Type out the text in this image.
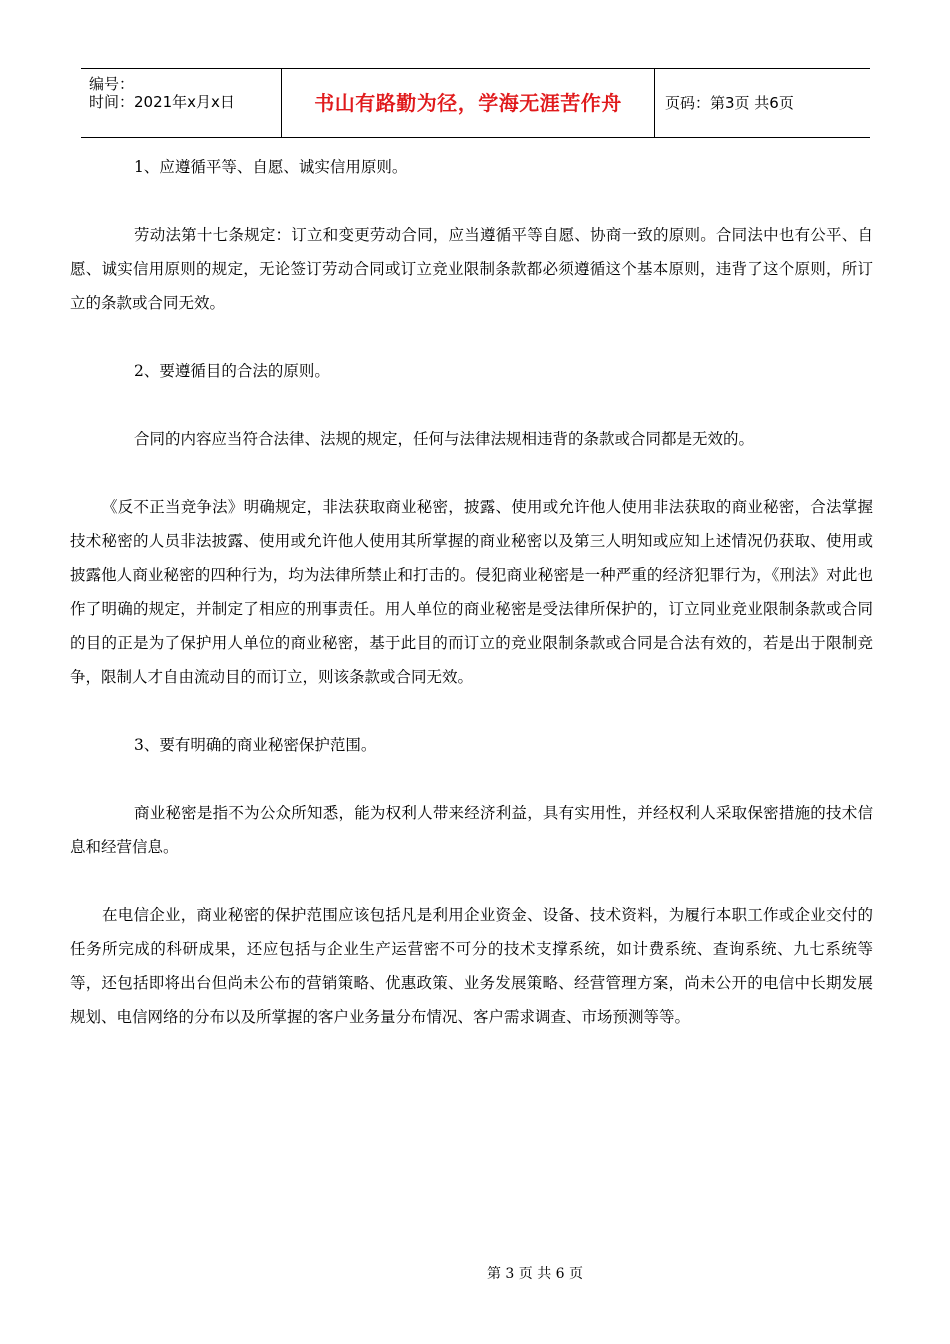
编号：
时间：2021年x月x日	书山有路勤为径，学海无涯苦作舟	页码：第3页 共6页

1、应遵循平等、自愿、诚实信用原则。

劳动法第十七条规定：订立和变更劳动合同，应当遵循平等自愿、协商一致的原则。合同法中也有公平、自愿、诚实信用原则的规定，无论签订劳动合同或订立竞业限制条款都必须遵循这个基本原则，违背了这个原则，所订立的条款或合同无效。

2、要遵循目的合法的原则。

合同的内容应当符合法律、法规的规定，任何与法律法规相违背的条款或合同都是无效的。

《反不正当竞争法》明确规定，非法获取商业秘密，披露、使用或允许他人使用非法获取的商业秘密，合法掌握技术秘密的人员非法披露、使用或允许他人使用其所掌握的商业秘密以及第三人明知或应知上述情况仍获取、使用或披露他人商业秘密的四种行为，均为法律所禁止和打击的。侵犯商业秘密是一种严重的经济犯罪行为，《刑法》对此也作了明确的规定，并制定了相应的刑事责任。用人单位的商业秘密是受法律所保护的，订立同业竞业限制条款或合同的目的正是为了保护用人单位的商业秘密，基于此目的而订立的竞业限制条款或合同是合法有效的，若是出于限制竞争，限制人才自由流动目的而订立，则该条款或合同无效。

3、要有明确的商业秘密保护范围。

商业秘密是指不为公众所知悉，能为权利人带来经济利益，具有实用性，并经权利人采取保密措施的技术信息和经营信息。

在电信企业，商业秘密的保护范围应该包括凡是利用企业资金、设备、技术资料，为履行本职工作或企业交付的任务所完成的科研成果，还应包括与企业生产运营密不可分的技术支撑系统，如计费系统、查询系统、九七系统等等，还包括即将出台但尚未公布的营销策略、优惠政策、业务发展策略、经营管理方案，尚未公开的电信中长期发展规划、电信网络的分布以及所掌握的客户业务量分布情况、客户需求调查、市场预测等等。

第 3 页 共 6 页
